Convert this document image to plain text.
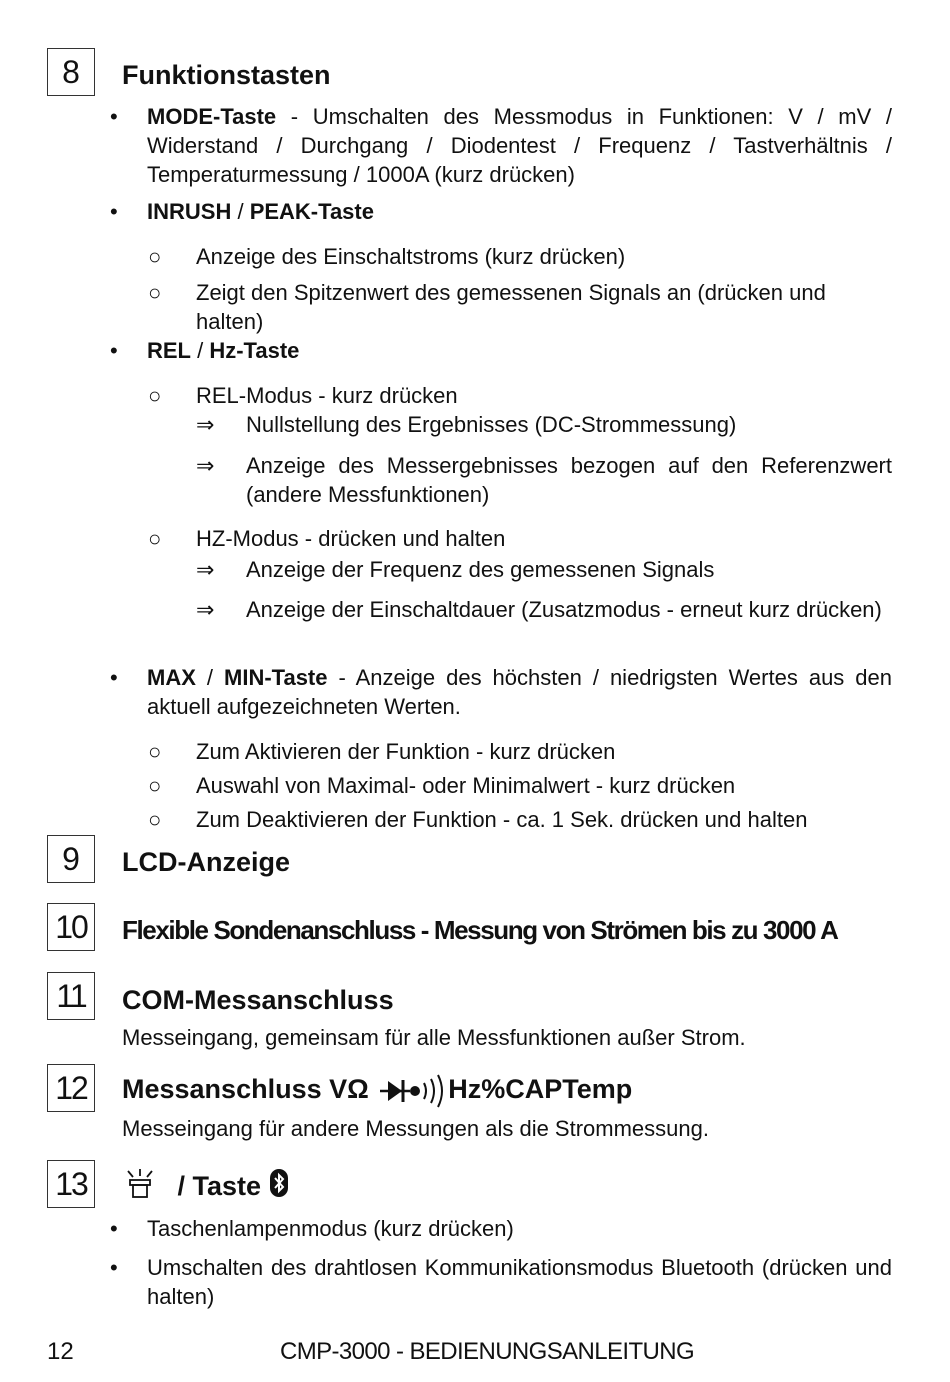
8	Funktionstasten
• MODE-Taste - Umschalten des Messmodus in Funktionen: V / mV / Widerstand / Durchgang / Diodentest / Frequenz / Tastverhältnis / Temperaturmessung / 1000A (kurz drücken)
• INRUSH / PEAK-Taste
○ Anzeige des Einschaltstroms (kurz drücken)
○ Zeigt den Spitzenwert des gemessenen Signals an (drücken und halten)
• REL / Hz-Taste
○ REL-Modus - kurz drücken
⇒ Nullstellung des Ergebnisses (DC-Strommessung)
⇒ Anzeige des Messergebnisses bezogen auf den Referenzwert (andere Messfunktionen)
○ HZ-Modus - drücken und halten
⇒ Anzeige der Frequenz des gemessenen Signals
⇒ Anzeige der Einschaltdauer (Zusatzmodus - erneut kurz drücken)
• MAX / MIN-Taste - Anzeige des höchsten / niedrigsten Wertes aus den aktuell aufgezeichneten Werten.
○ Zum Aktivieren der Funktion - kurz drücken
○ Auswahl von Maximal- oder Minimalwert - kurz drücken
○ Zum Deaktivieren der Funktion - ca. 1 Sek. drücken und halten
9	LCD-Anzeige
10	Flexible Sondenanschluss - Messung von Strömen bis zu 3000 A
11	COM-Messanschluss
Messeingang, gemeinsam für alle Messfunktionen außer Strom.
12	Messanschluss VΩ	Hz%CAPTemp
Messeingang für andere Messungen als die Strommessung.
13	/ Taste
• Taschenlampenmodus (kurz drücken)
• Umschalten des drahtlosen Kommunikationsmodus Bluetooth (drücken und halten)
12	CMP-3000 - BEDIENUNGSANLEITUNG
